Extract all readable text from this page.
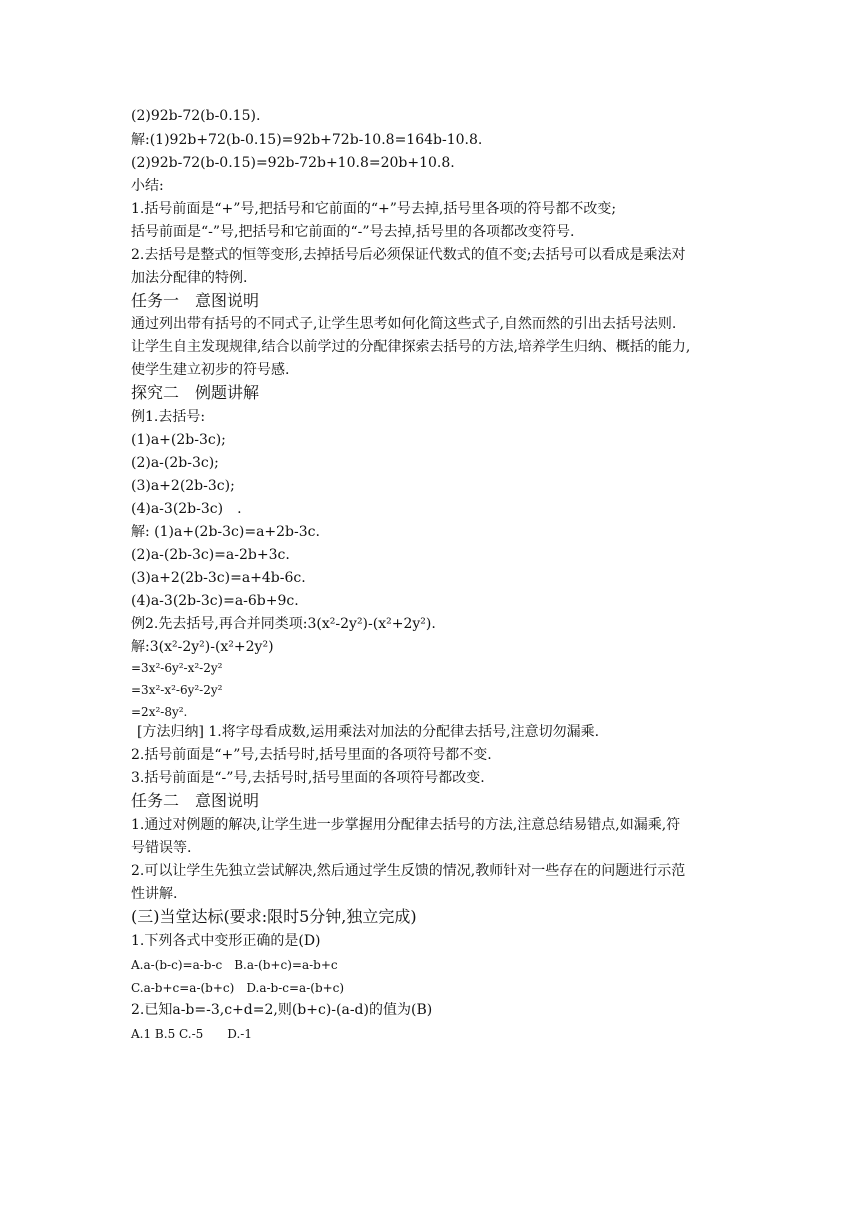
(2)92b-72(b-0.15).
解:(1)92b+72(b-0.15)=92b+72b-10.8=164b-10.8.
(2)92b-72(b-0.15)=92b-72b+10.8=20b+10.8.
小结:
1.括号前面是“+”号,把括号和它前面的“+”号去掉,括号里各项的符号都不改变;
括号前面是“-”号,把括号和它前面的“-”号去掉,括号里的各项都改变符号.
2.去括号是整式的恒等变形,去掉括号后必须保证代数式的值不变;去括号可以看成是乘法对
加法分配律的特例.
任务一　意图说明
通过列出带有括号的不同式子,让学生思考如何化简这些式子,自然而然的引出去括号法则.
让学生自主发现规律,结合以前学过的分配律探索去括号的方法,培养学生归纳、概括的能力,
使学生建立初步的符号感.
探究二　例题讲解
例1.去括号:
(1)a+(2b-3c);
(2)a-(2b-3c);
(3)a+2(2b-3c);
(4)a-3(2b-3c)　.
解: (1)a+(2b-3c)=a+2b-3c.
(2)a-(2b-3c)=a-2b+3c.
(3)a+2(2b-3c)=a+4b-6c.
(4)a-3(2b-3c)=a-6b+9c.
例2.先去括号,再合并同类项:3(x²-2y²)-(x²+2y²).
解:3(x²-2y²)-(x²+2y²)
=3x²-6y²-x²-2y²
=3x²-x²-6y²-2y²
=2x²-8y².
[方法归纳] 1.将字母看成数,运用乘法对加法的分配律去括号,注意切勿漏乘.
2.括号前面是“+”号,去括号时,括号里面的各项符号都不变.
3.括号前面是“-”号,去括号时,括号里面的各项符号都改变.
任务二　意图说明
1.通过对例题的解决,让学生进一步掌握用分配律去括号的方法,注意总结易错点,如漏乘,符
号错误等.
2.可以让学生先独立尝试解决,然后通过学生反馈的情况,教师针对一些存在的问题进行示范
性讲解.
(三)当堂达标(要求:限时5分钟,独立完成)
1.下列各式中变形正确的是(D)
A.a-(b-c)=a-b-c　B.a-(b+c)=a-b+c
C.a-b+c=a-(b+c)　D.a-b-c=a-(b+c)
2.已知a-b=-3,c+d=2,则(b+c)-(a-d)的值为(B)
A.1 B.5 C.-5　　D.-1
